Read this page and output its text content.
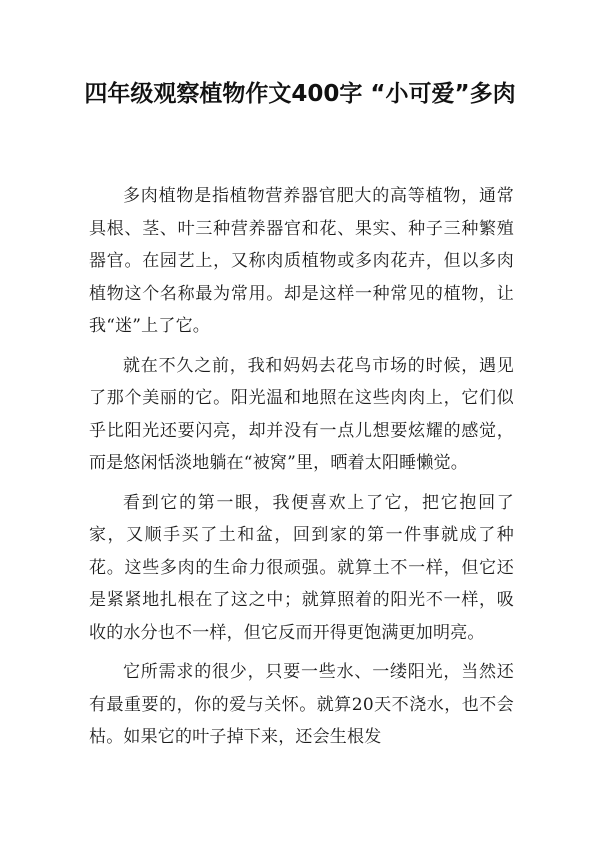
四年级观察植物作文400字 “小可爱”多肉

多肉植物是指植物营养器官肥大的高等植物，通常具根、茎、叶三种营养器官和花、果实、种子三种繁殖器官。在园艺上，又称肉质植物或多肉花卉，但以多肉植物这个名称最为常用。却是这样一种常见的植物，让我“迷”上了它。

就在不久之前，我和妈妈去花鸟市场的时候，遇见了那个美丽的它。阳光温和地照在这些肉肉上，它们似乎比阳光还要闪亮，却并没有一点儿想要炫耀的感觉，而是悠闲恬淡地躺在“被窝”里，晒着太阳睡懒觉。

看到它的第一眼，我便喜欢上了它，把它抱回了家，又顺手买了土和盆，回到家的第一件事就成了种花。这些多肉的生命力很顽强。就算土不一样，但它还是紧紧地扎根在了这之中；就算照着的阳光不一样，吸收的水分也不一样，但它反而开得更饱满更加明亮。

它所需求的很少，只要一些水、一缕阳光，当然还有最重要的，你的爱与关怀。就算20天不浇水，也不会枯。如果它的叶子掉下来，还会生根发
